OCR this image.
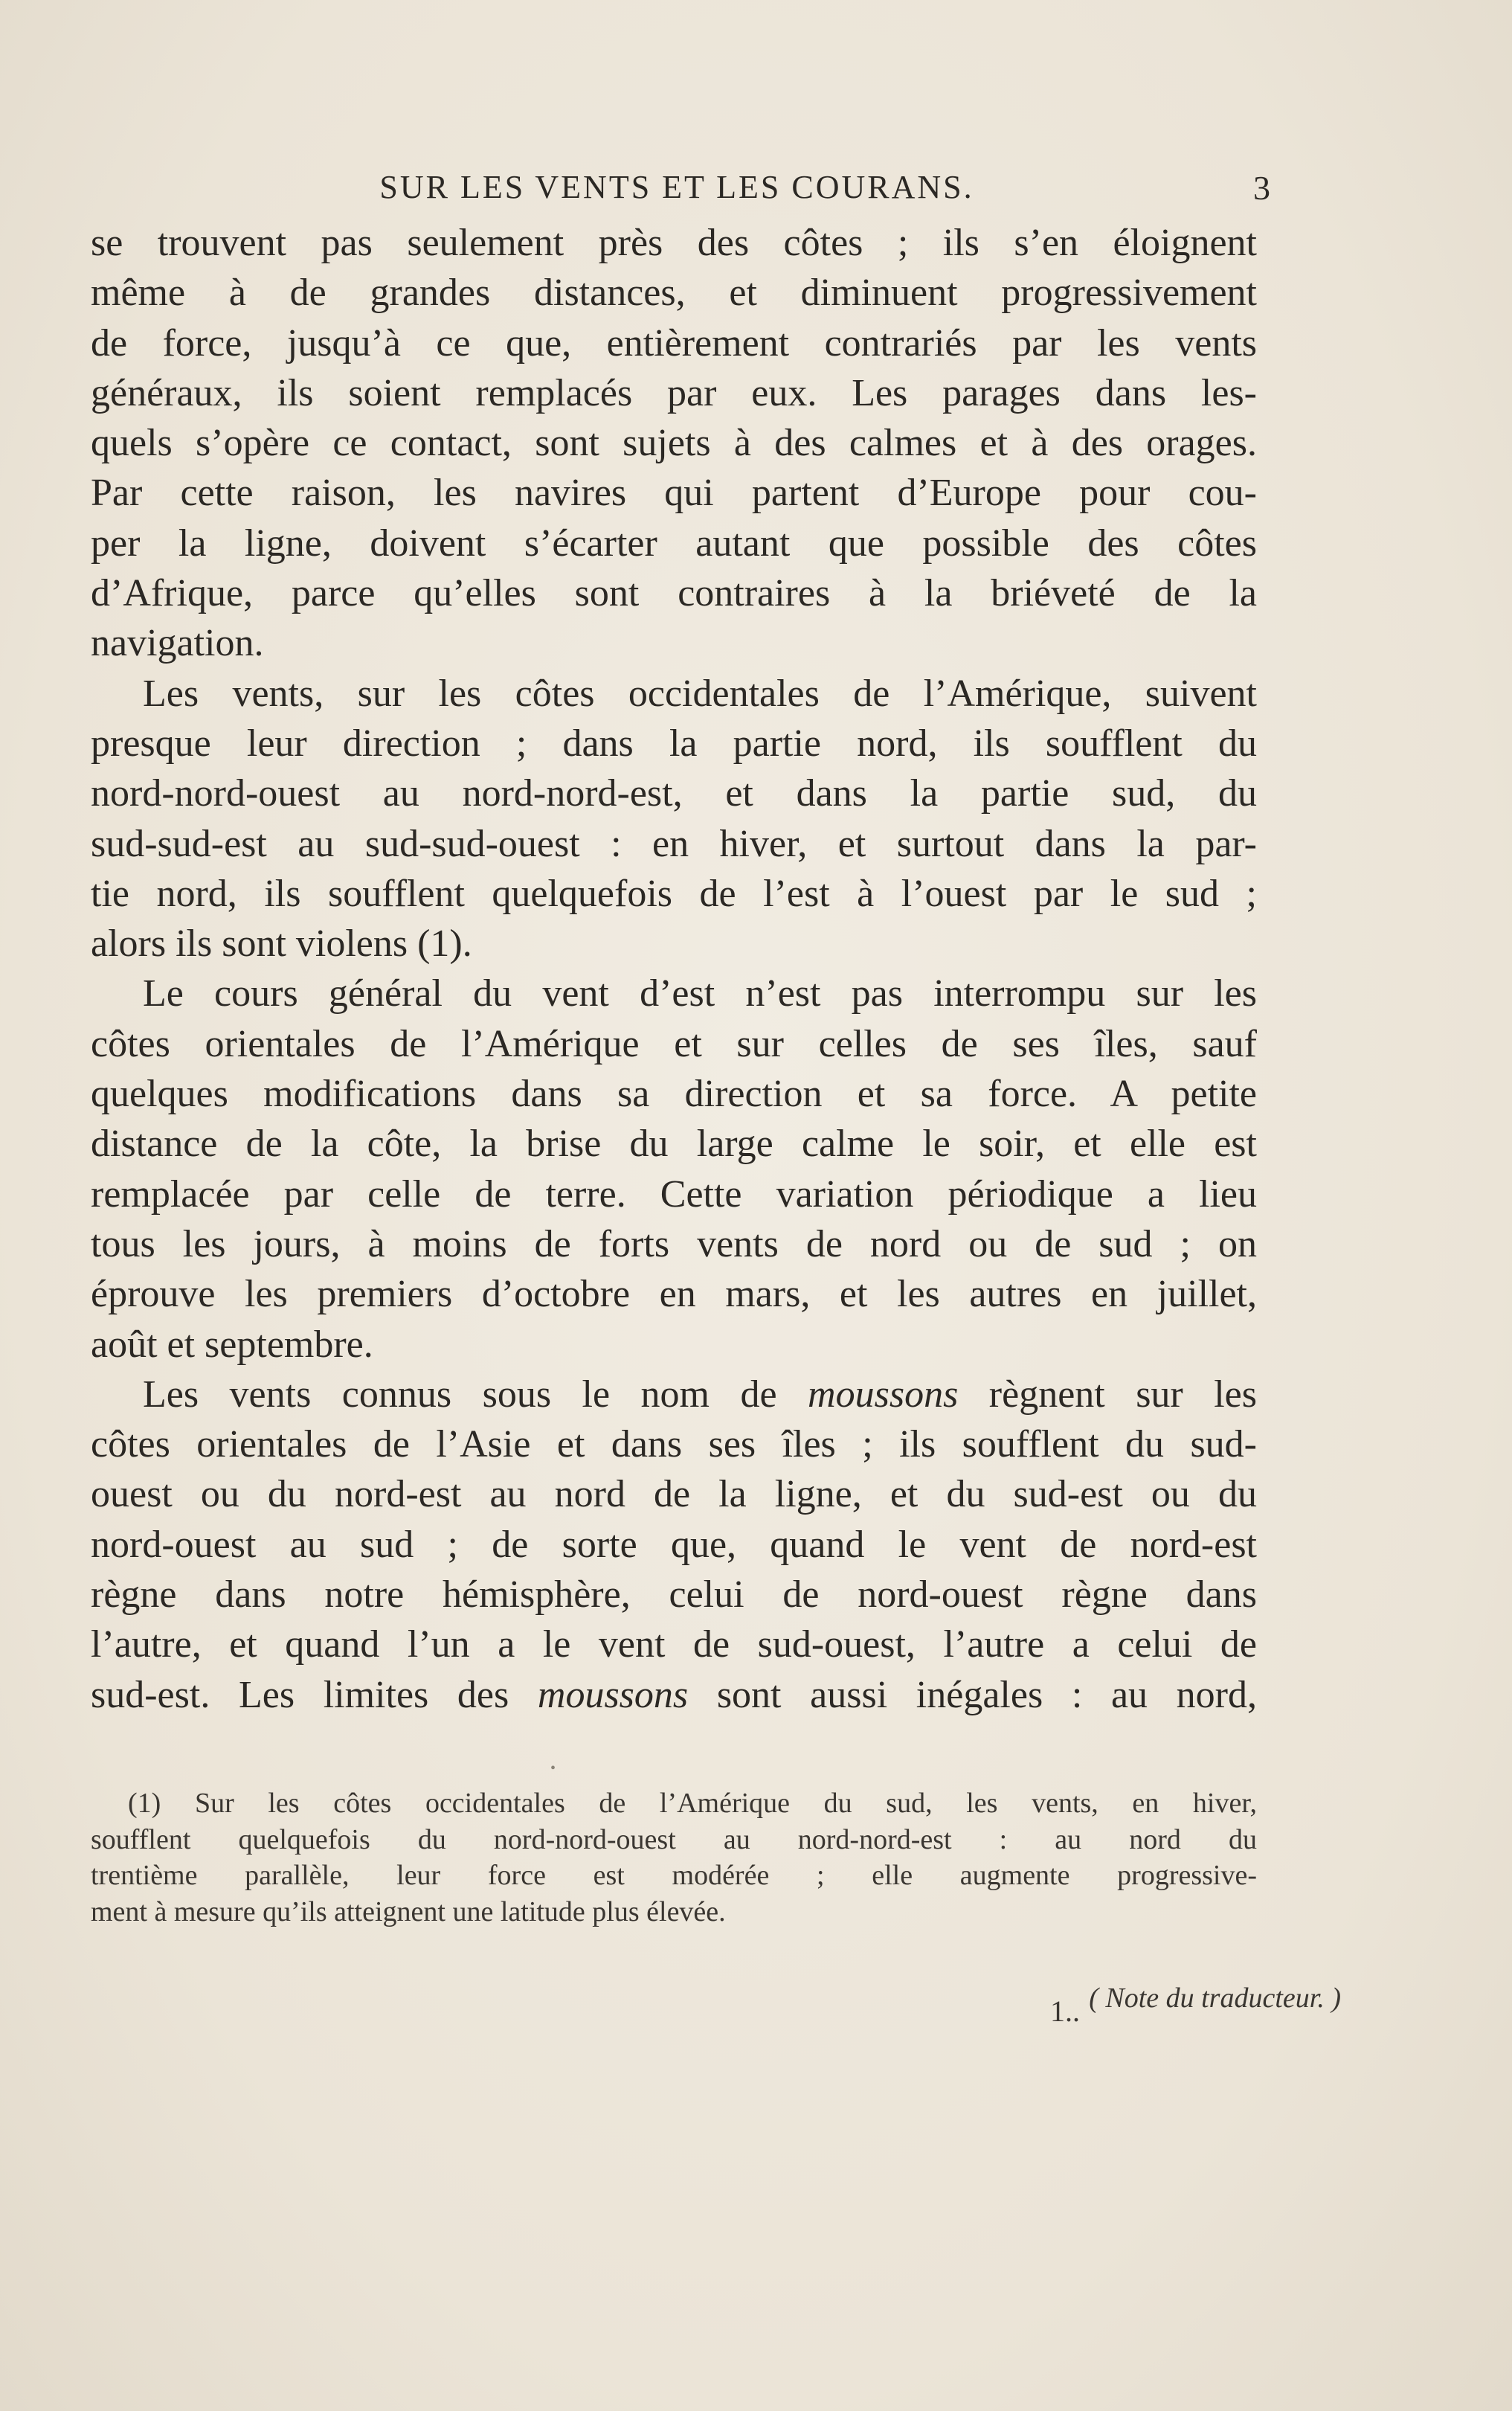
SUR LES VENTS ET LES COURANS.	3
se trouvent pas seulement près des côtes ; ils s’en éloignent
même à de grandes distances, et diminuent progressivement
de force, jusqu’à ce que, entièrement contrariés par les vents
généraux, ils soient remplacés par eux. Les parages dans les-
quels s’opère ce contact, sont sujets à des calmes et à des orages.
Par cette raison, les navires qui partent d’Europe pour cou-
per la ligne, doivent s’écarter autant que possible des côtes
d’Afrique, parce qu’elles sont contraires à la briéveté de la
navigation.
Les vents, sur les côtes occidentales de l’Amérique, suivent
presque leur direction ; dans la partie nord, ils soufflent du
nord-nord-ouest au nord-nord-est, et dans la partie sud, du
sud-sud-est au sud-sud-ouest : en hiver, et surtout dans la par-
tie nord, ils soufflent quelquefois de l’est à l’ouest par le sud ;
alors ils sont violens (1).
Le cours général du vent d’est n’est pas interrompu sur les
côtes orientales de l’Amérique et sur celles de ses îles, sauf
quelques modifications dans sa direction et sa force. A petite
distance de la côte, la brise du large calme le soir, et elle est
remplacée par celle de terre. Cette variation périodique a lieu
tous les jours, à moins de forts vents de nord ou de sud ; on
éprouve les premiers d’octobre en mars, et les autres en juillet,
août et septembre.
Les vents connus sous le nom de moussons règnent sur les
côtes orientales de l’Asie et dans ses îles ; ils soufflent du sud-
ouest ou du nord-est au nord de la ligne, et du sud-est ou du
nord-ouest au sud ; de sorte que, quand le vent de nord-est
règne dans notre hémisphère, celui de nord-ouest règne dans
l’autre, et quand l’un a le vent de sud-ouest, l’autre a celui de
sud-est. Les limites des moussons sont aussi inégales : au nord,
•
(1) Sur les côtes occidentales de l’Amérique du sud, les vents, en hiver,
soufflent quelquefois du nord-nord-ouest au nord-nord-est : au nord du
trentième parallèle, leur force est modérée ; elle augmente progressive-
ment à mesure qu’ils atteignent une latitude plus élevée.
( Note du traducteur. )
1..
